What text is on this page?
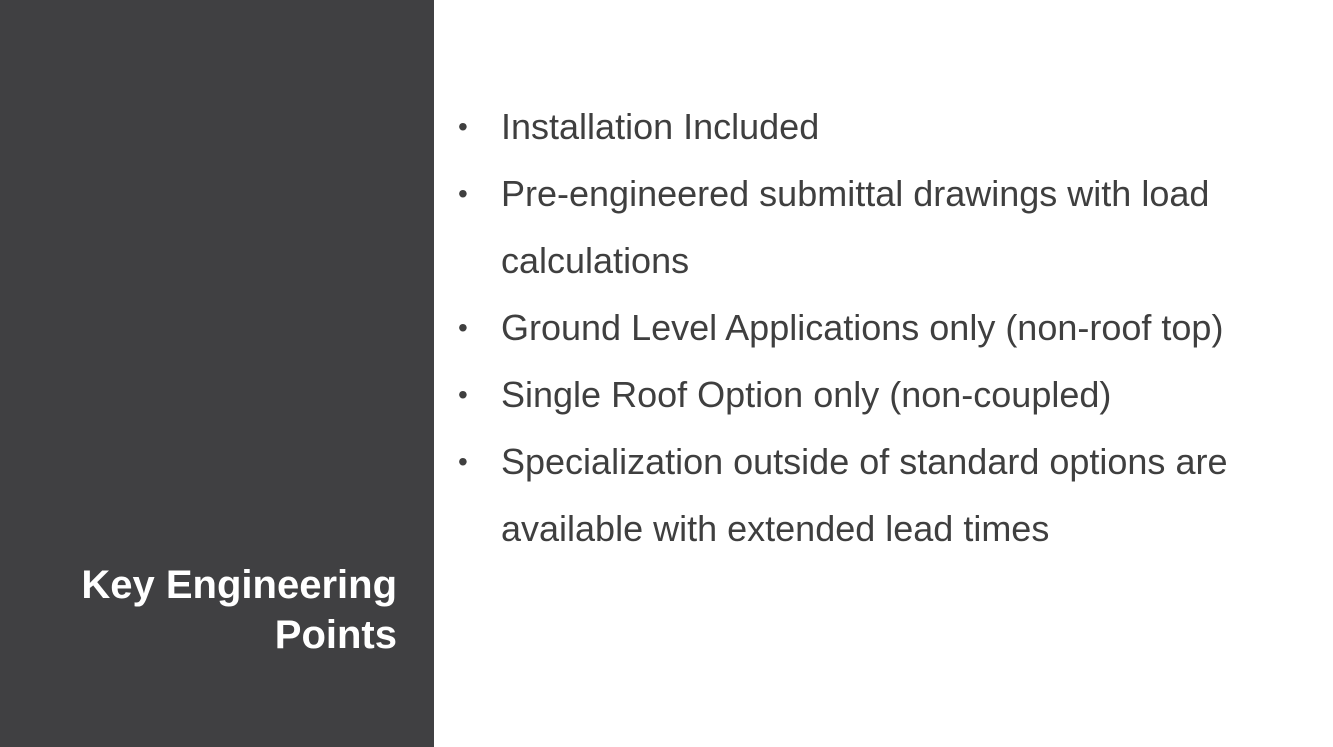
Key Engineering
Points
• Installation Included
• Pre-engineered submittal drawings with load calculations
• Ground Level Applications only (non-roof top)
• Single Roof Option only (non-coupled)
• Specialization outside of standard options are available with extended lead times
